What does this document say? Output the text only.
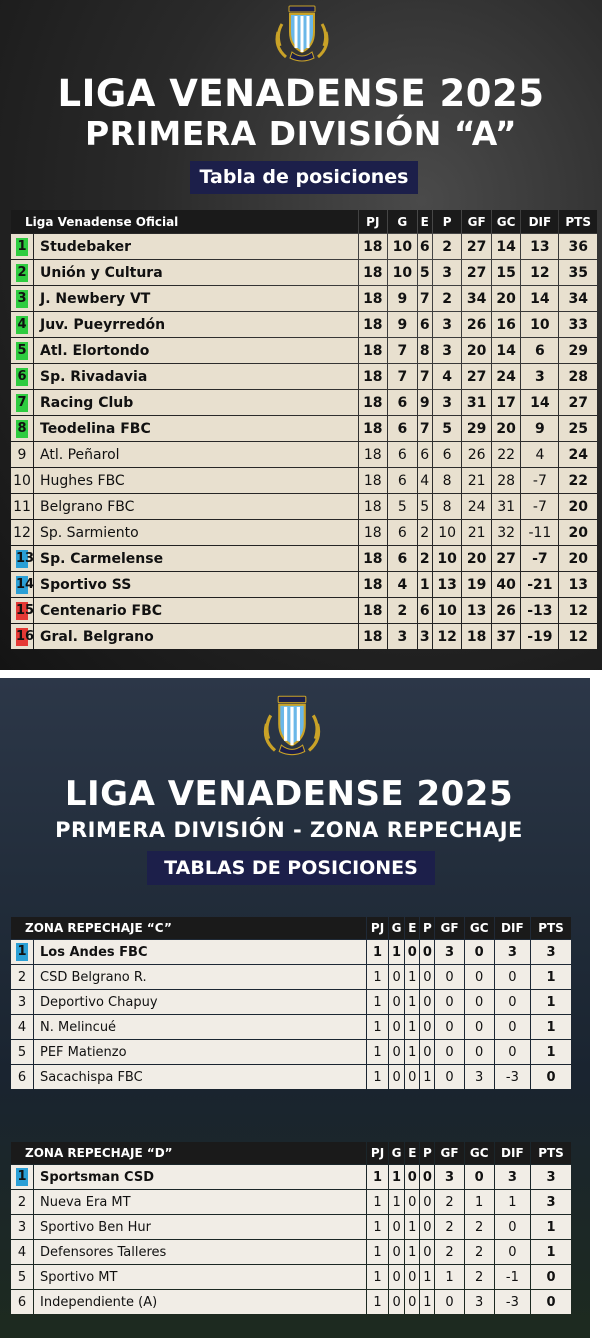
LIGA VENADENSE 2025
PRIMERA DIVISIÓN “A”
Tabla de posiciones
Liga Venadense Oficial		PJ	G	E	P	GF	GC	DIF	PTS
1	Studebaker	18	10	6	2	27	14	13	36
2	Unión y Cultura	18	10	5	3	27	15	12	35
3	J. Newbery VT	18	9	7	2	34	20	14	34
4	Juv. Pueyrredón	18	9	6	3	26	16	10	33
5	Atl. Elortondo	18	7	8	3	20	14	6	29
6	Sp. Rivadavia	18	7	7	4	27	24	3	28
7	Racing Club	18	6	9	3	31	17	14	27
8	Teodelina FBC	18	6	7	5	29	20	9	25
9	Atl. Peñarol	18	6	6	6	26	22	4	24
10	Hughes FBC	18	6	4	8	21	28	-7	22
11	Belgrano FBC	18	5	5	8	24	31	-7	20
12	Sp. Sarmiento	18	6	2	10	21	32	-11	20
13	Sp. Carmelense	18	6	2	10	20	27	-7	20
14	Sportivo SS	18	4	1	13	19	40	-21	13
15	Centenario FBC	18	2	6	10	13	26	-13	12
16	Gral. Belgrano	18	3	3	12	18	37	-19	12
LIGA VENADENSE 2025
PRIMERA DIVISIÓN - ZONA REPECHAJE
TABLAS DE POSICIONES
ZONA REPECHAJE “C”		PJ	G	E	P	GF	GC	DIF	PTS
1	Los Andes FBC	1	1	0	0	3	0	3	3
2	CSD Belgrano R.	1	0	1	0	0	0	0	1
3	Deportivo Chapuy	1	0	1	0	0	0	0	1
4	N. Melincué	1	0	1	0	0	0	0	1
5	PEF Matienzo	1	0	1	0	0	0	0	1
6	Sacachispa FBC	1	0	0	1	0	3	-3	0
ZONA REPECHAJE “D”		PJ	G	E	P	GF	GC	DIF	PTS
1	Sportsman CSD	1	1	0	0	3	0	3	3
2	Nueva Era MT	1	1	0	0	2	1	1	3
3	Sportivo Ben Hur	1	0	1	0	2	2	0	1
4	Defensores Talleres	1	0	1	0	2	2	0	1
5	Sportivo MT	1	0	0	1	1	2	-1	0
6	Independiente (A)	1	0	0	1	0	3	-3	0
